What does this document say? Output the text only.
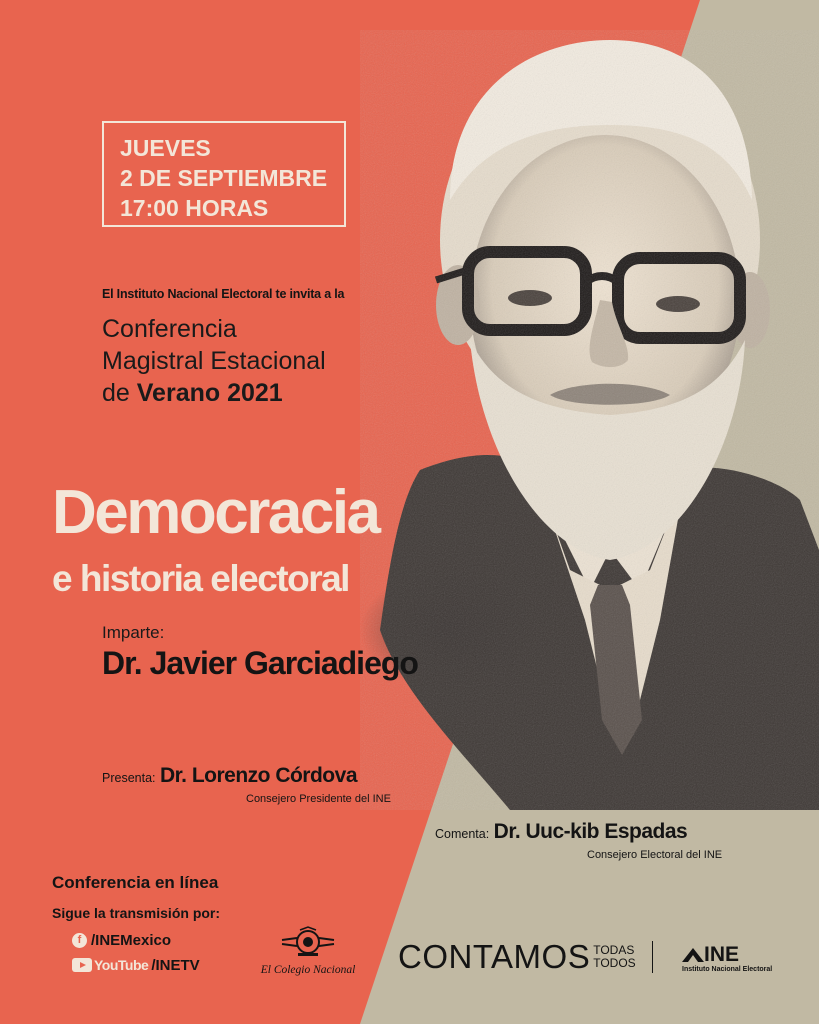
JUEVES
2 DE SEPTIEMBRE
17:00 HORAS
El Instituto Nacional Electoral te invita a la
Conferencia
Magistral Estacional
de Verano 2021
Democracia
e historia electoral
Imparte:
Dr. Javier Garciadiego
Presenta: Dr. Lorenzo Córdova
Consejero Presidente del INE
Comenta: Dr. Uuc-kib Espadas
Consejero Electoral del INE
Conferencia en línea
Sigue la transmisión por:
f /INEMexico
YouTube /INETV	El Colegio Nacional CONTAMOS TODAS
TODOS	INE
Instituto Nacional Electoral
